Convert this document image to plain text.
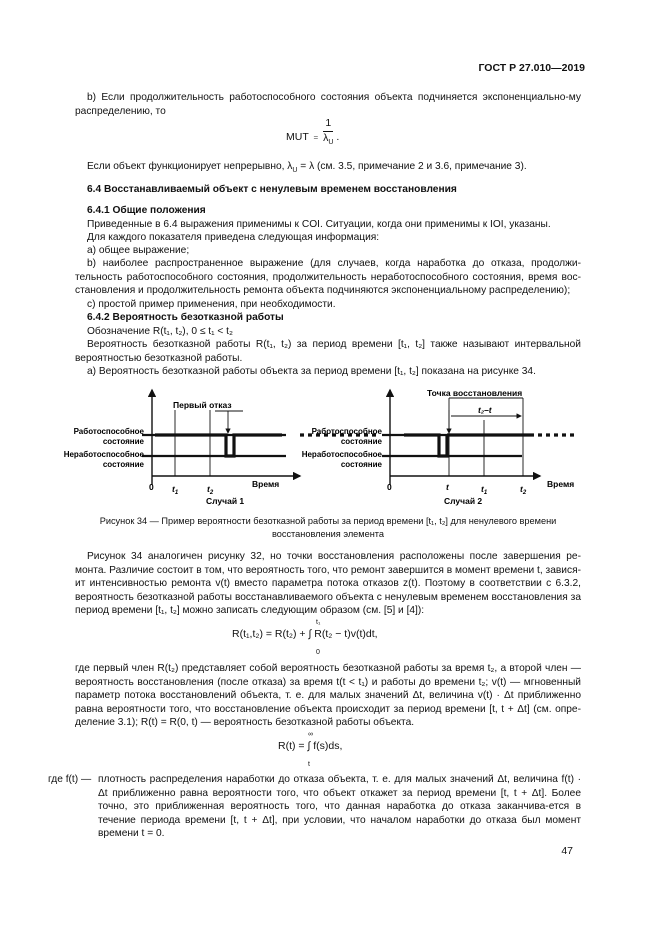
ГОСТ Р 27.010—2019
b) Если продолжительность работоспособного состояния объекта подчиняется экспоненциально-му распределению, то
MUT = $\frac{1}{\lambda_U}$ .
Если объект функционирует непрерывно, $\lambda_U = \lambda$ (см. 3.5, примечание 2 и 3.6, примечание 3).
6.4 Восстанавливаемый объект с ненулевым временем восстановления
6.4.1 Общие положения
Приведенные в 6.4 выражения применимы к COI. Ситуации, когда они применимы к IOI, указаны.
Для каждого показателя приведена следующая информация:
а) общее выражение;
b) наиболее распространенное выражение (для случаев, когда наработка до отказа, продолжи-тельность работоспособного состояния, продолжительность неработоспособного состояния, время вос-становления и продолжительность ремонта объекта подчиняются экспоненциальному распределению);
c) простой пример применения, при необходимости.
6.4.2 Вероятность безотказной работы
Обозначение R(t₁, t₂), 0 ≤ t₁ < t₂
Вероятность безотказной работы R(t₁, t₂) за период времени [t₁, t₂] также называют интервальной вероятностью безотказной работы.
а) Вероятность безотказной работы объекта за период времени [t₁, t₂] показана на рисунке 34.
Первый отказ
Работоспособное
состояние
Неработоспособное
состояние
0 $t_1$	$t_2$
Время
Случай 1
Точка восстановления
t₂–t
Работоспособное
состояние
Неработоспособное
состояние
0	t	$t_1$	$t_2$
Время
Случай 2
Рисунок 34 — Пример вероятности безотказной работы за период времени [t₁, t₂] для ненулевого времени
восстановления элемента
Рисунок 34 аналогичен рисунку 32, но точки восстановления расположены после завершения ре-монта. Различие состоит в том, что вероятность того, что ремонт завершится в момент времени t, завися-ит интенсивностью ремонта v(t) вместо параметра потока отказов z(t). Поэтому в соответствии с 6.3.2, вероятность безотказной работы восстанавливаемого объекта с ненулевым временем восстановления за период времени [t₁, t₂] можно записать следующим образом (см. [5] и [4]):
t₁
0
R(t₁,t₂) = R(t₂) + ∫ R(t₂ − t)v(t)dt,
где первый член R(t₂) представляет собой вероятность безотказной работы за время t₂, а второй член — вероятность восстановления (после отказа) за время t(t < t₁) и работы до времени t₂; v(t) — мгновенный параметр потока восстановлений объекта, т. е. для малых значений Δt, величина v(t) · Δt приближенно равна вероятности того, что восстановление объекта происходит за период времени [t, t + Δt] (см. опре-деление 3.1); R(t) = R(0, t) — вероятность безотказной работы объекта.
∞
t
R(t) = ∫ f(s)ds,
где f(t) — плотность распределения наработки до отказа объекта, т. е. для малых значений Δt, величина f(t) · Δt приближенно равна вероятности того, что объект откажет за период времени [t, t + Δt]. Более точно, это приближенная вероятность того, что данная наработка до отказа заканчива-ется в течение периода времени [t, t + Δt], при условии, что началом наработки до отказа был момент времени t = 0.
47
